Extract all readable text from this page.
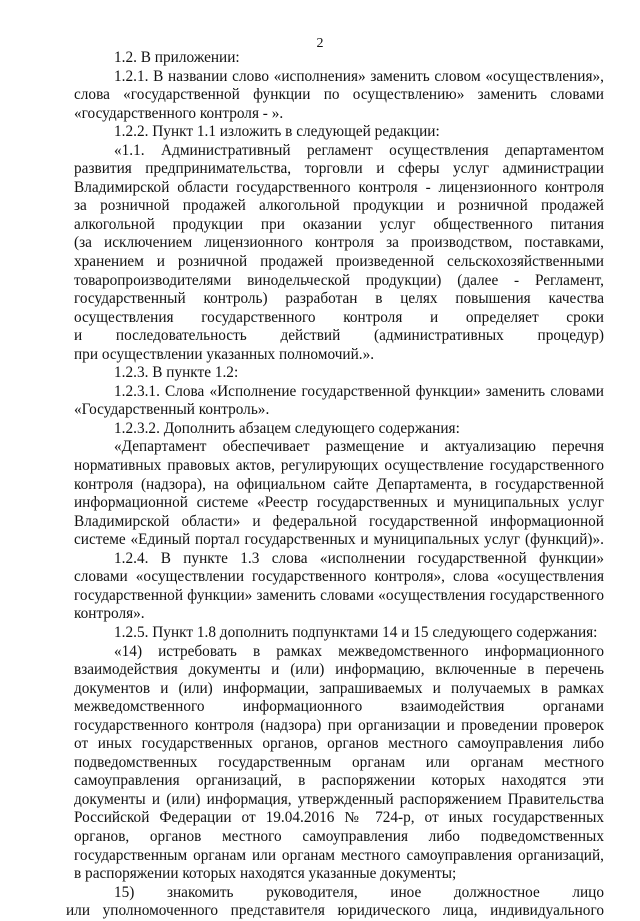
2
1.2. В приложении:
1.2.1. В названии слово «исполнения» заменить словом «осуществления»,
слова «государственной функции по осуществлению» заменить словами
«государственного контроля - ».
1.2.2. Пункт 1.1 изложить в следующей редакции:
«1.1. Административный регламент осуществления департаментом
развития предпринимательства, торговли и сферы услуг администрации
Владимирской области государственного контроля - лицензионного контроля
за розничной продажей алкогольной продукции и розничной продажей
алкогольной продукции при оказании услуг общественного питания
(за исключением лицензионного контроля за производством, поставками,
хранением и розничной продажей произведенной сельскохозяйственными
товаропроизводителями винодельческой продукции) (далее - Регламент,
государственный контроль) разработан в целях повышения качества
осуществления государственного контроля и определяет сроки
и последовательность действий (административных процедур)
при осуществлении указанных полномочий.».
1.2.3. В пункте 1.2:
1.2.3.1. Слова «Исполнение государственной функции» заменить словами
«Государственный контроль».
1.2.3.2. Дополнить абзацем следующего содержания:
«Департамент обеспечивает размещение и актуализацию перечня
нормативных правовых актов, регулирующих осуществление государственного
контроля (надзора), на официальном сайте Департамента, в государственной
информационной системе «Реестр государственных и муниципальных услуг
Владимирской области» и федеральной государственной информационной
системе «Единый портал государственных и муниципальных услуг (функций)».
1.2.4. В пункте 1.3 слова «исполнении государственной функции»
словами «осуществлении государственного контроля», слова «осуществления
государственной функции» заменить словами «осуществления государственного
контроля».
1.2.5. Пункт 1.8 дополнить подпунктами 14 и 15 следующего содержания:
«14) истребовать в рамках межведомственного информационного
взаимодействия документы и (или) информацию, включенные в перечень
документов и (или) информации, запрашиваемых и получаемых в рамках
межведомственного информационного взаимодействия органами
государственного контроля (надзора) при организации и проведении проверок
от иных государственных органов, органов местного самоуправления либо
подведомственных государственным органам или органам местного
самоуправления организаций, в распоряжении которых находятся эти
документы и (или) информация, утвержденный распоряжением Правительства
Российской Федерации от 19.04.2016 № 724-р, от иных государственных
органов, органов местного самоуправления либо подведомственных
государственным органам или органам местного самоуправления организаций,
в распоряжении которых находятся указанные документы;
15) знакомить руководителя, иное должностное лицо
или уполномоченного представителя юридического лица, индивидуального
